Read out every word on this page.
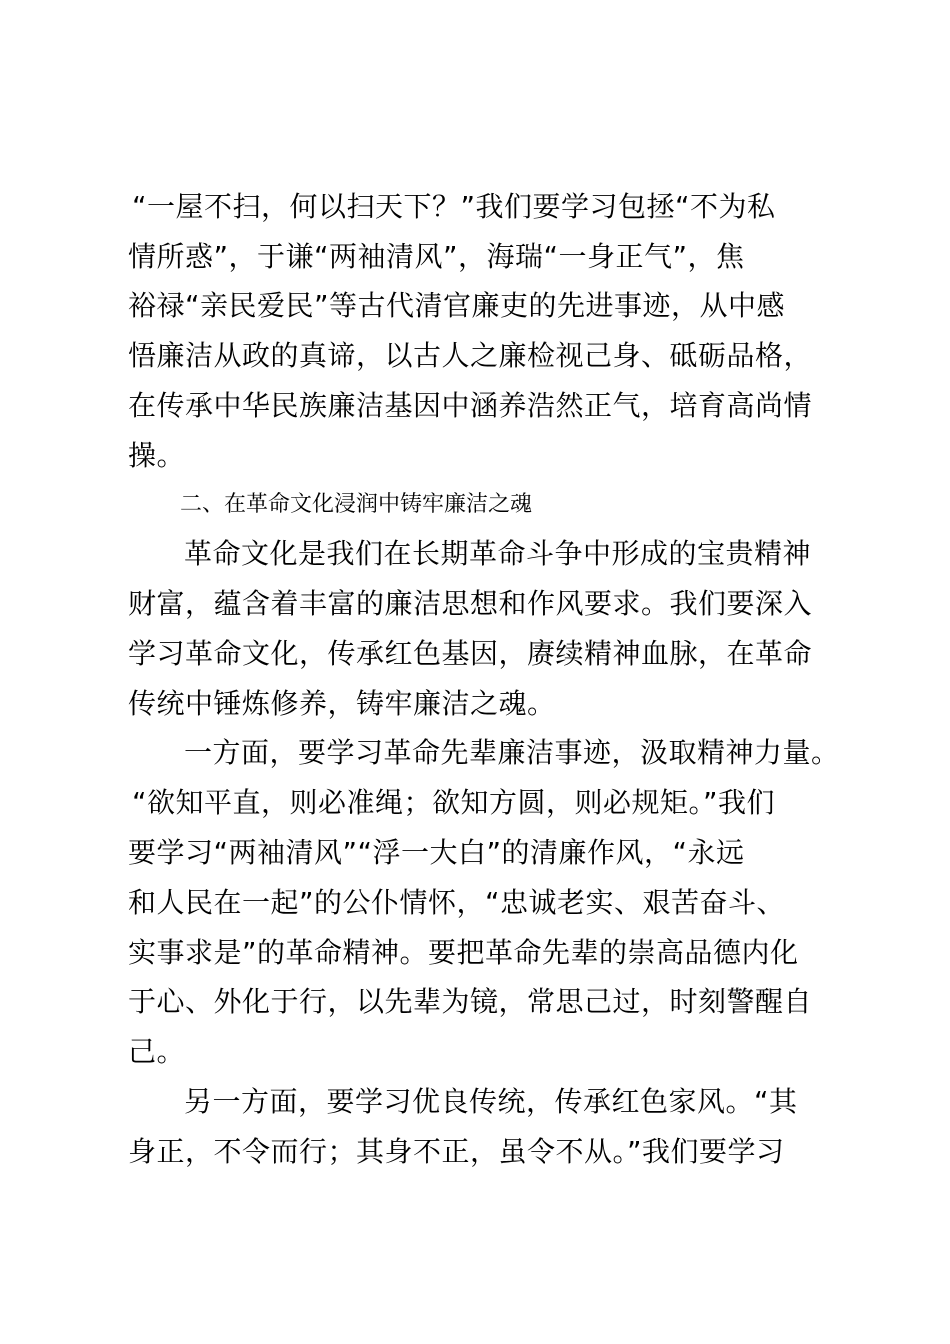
“一屋不扫，何以扫天下？”我们要学习包拯“不为私
情所惑”，于谦“两袖清风”，海瑞“一身正气”，焦
裕禄“亲民爱民”等古代清官廉吏的先进事迹，从中感
悟廉洁从政的真谛，以古人之廉检视己身、砥砺品格，
在传承中华民族廉洁基因中涵养浩然正气，培育高尚情
操。
二、在革命文化浸润中铸牢廉洁之魂
革命文化是我们在长期革命斗争中形成的宝贵精神
财富，蕴含着丰富的廉洁思想和作风要求。我们要深入
学习革命文化，传承红色基因，赓续精神血脉，在革命
传统中锤炼修养，铸牢廉洁之魂。
一方面，要学习革命先辈廉洁事迹，汲取精神力量。
“欲知平直，则必准绳；欲知方圆，则必规矩。”我们
要学习“两袖清风”“浮一大白”的清廉作风，“永远
和人民在一起”的公仆情怀，“忠诚老实、艰苦奋斗、
实事求是”的革命精神。要把革命先辈的崇高品德内化
于心、外化于行，以先辈为镜，常思己过，时刻警醒自
己。
另一方面，要学习优良传统，传承红色家风。“其
身正，不令而行；其身不正，虽令不从。”我们要学习
